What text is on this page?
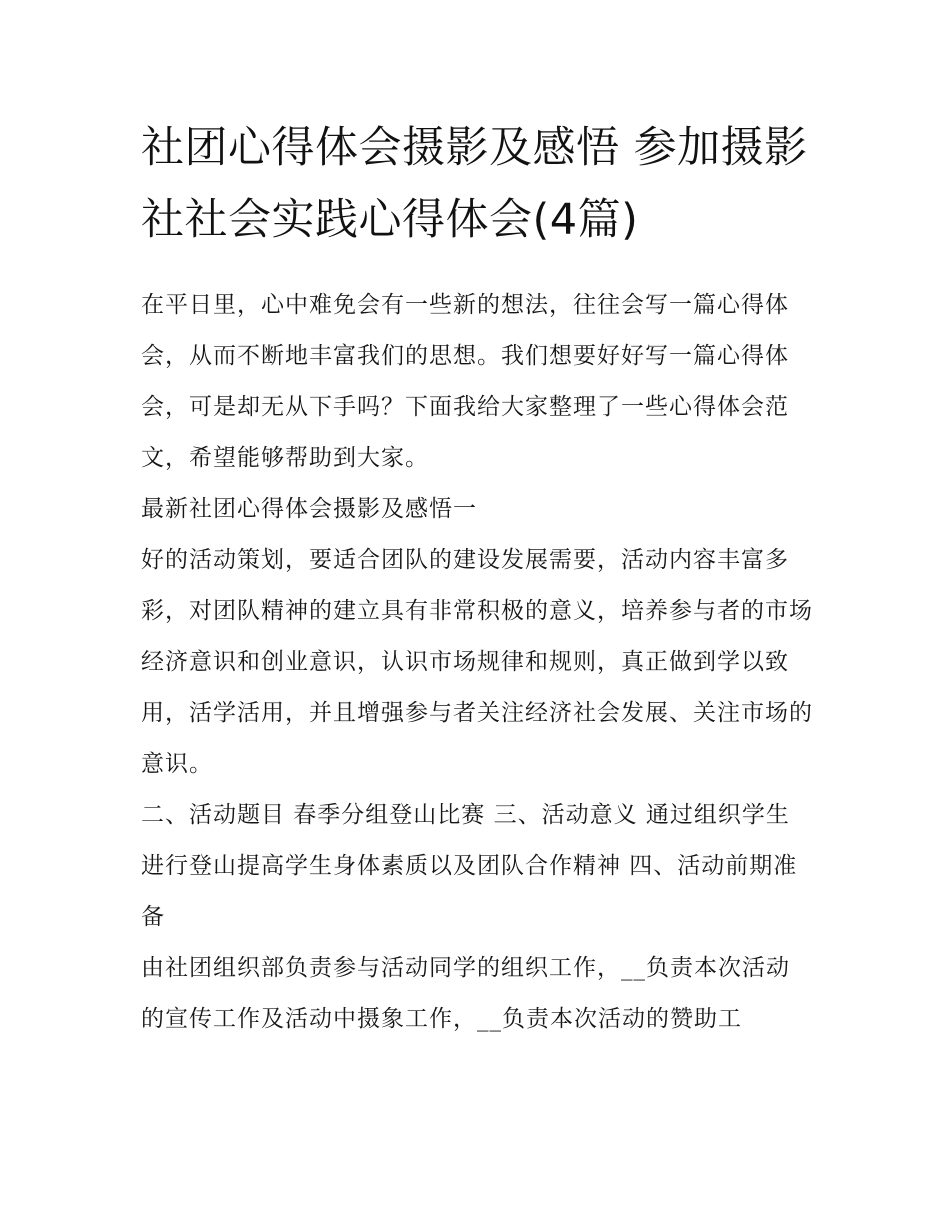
社团心得体会摄影及感悟 参加摄影社社会实践心得体会(4篇)

在平日里，心中难免会有一些新的想法，往往会写一篇心得体会，从而不断地丰富我们的思想。我们想要好好写一篇心得体会，可是却无从下手吗？下面我给大家整理了一些心得体会范文，希望能够帮助到大家。

最新社团心得体会摄影及感悟一

好的活动策划，要适合团队的建设发展需要，活动内容丰富多彩，对团队精神的建立具有非常积极的意义，培养参与者的市场经济意识和创业意识，认识市场规律和规则，真正做到学以致用，活学活用，并且增强参与者关注经济社会发展、关注市场的意识。

二、活动题目 春季分组登山比赛 三、活动意义 通过组织学生进行登山提高学生身体素质以及团队合作精神 四、活动前期准备

由社团组织部负责参与活动同学的组织工作，__负责本次活动的宣传工作及活动中摄象工作，__负责本次活动的赞助工
